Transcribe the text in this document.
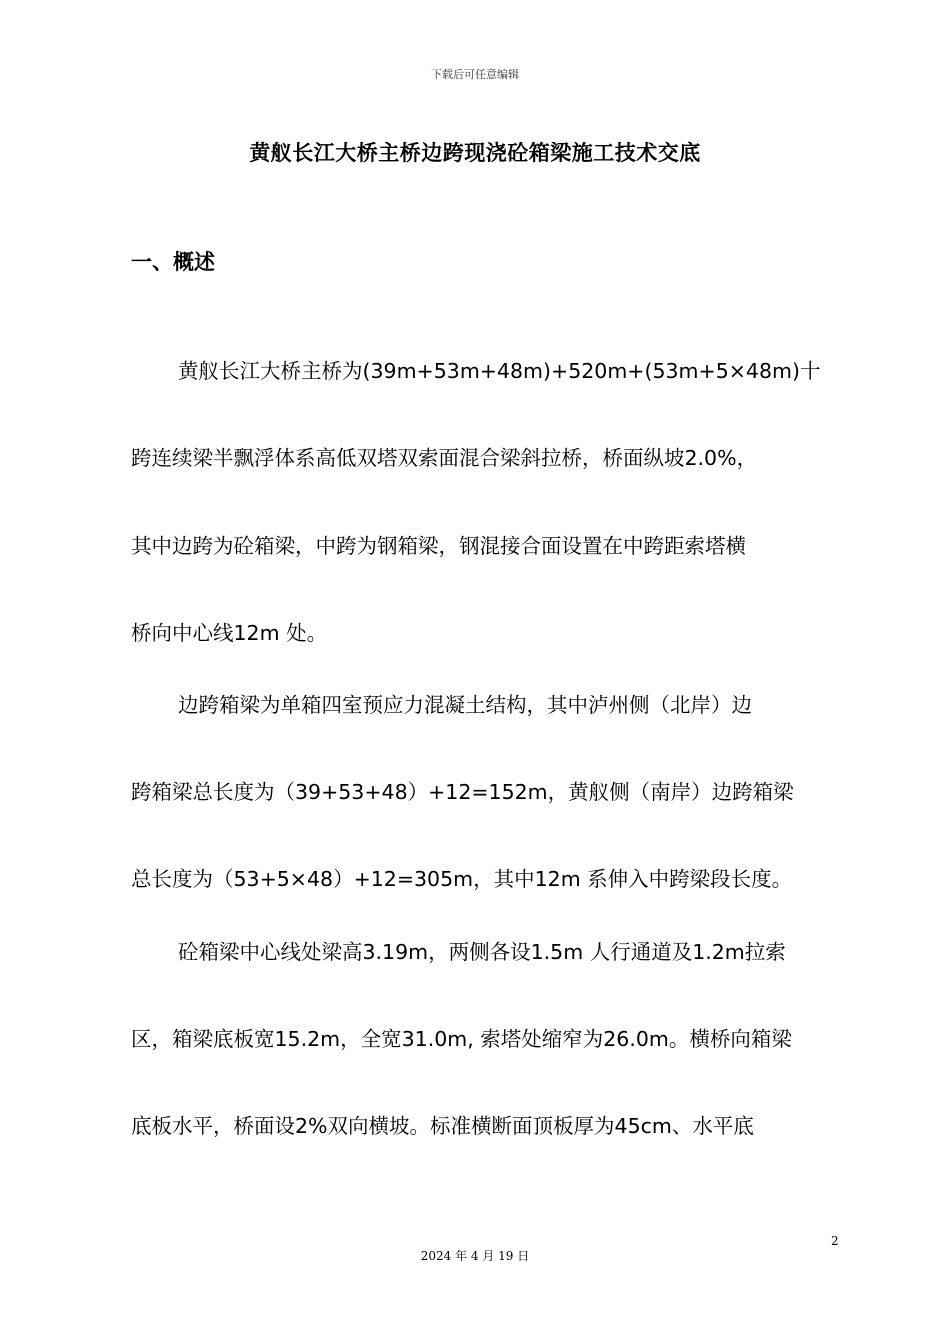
下载后可任意编辑
黄舣长江大桥主桥边跨现浇砼箱梁施工技术交底
一、概述
黄舣长江大桥主桥为(39m+53m+48m)+520m+(53m+5×48m)十
跨连续梁半飘浮体系高低双塔双索面混合梁斜拉桥，桥面纵坡2.0%，
其中边跨为砼箱梁，中跨为钢箱梁，钢混接合面设置在中跨距索塔横
桥向中心线12m 处。
边跨箱梁为单箱四室预应力混凝土结构，其中泸州侧（北岸）边
跨箱梁总长度为（39+53+48）+12=152m，黄舣侧（南岸）边跨箱梁
总长度为（53+5×48）+12=305m，其中12m 系伸入中跨梁段长度。
砼箱梁中心线处梁高3.19m，两侧各设1.5m 人行通道及1.2m拉索
区，箱梁底板宽15.2m，全宽31.0m, 索塔处缩窄为26.0m。横桥向箱梁
底板水平，桥面设2%双向横坡。标准横断面顶板厚为45cm、水平底
2
2024 年 4 月 19 日
